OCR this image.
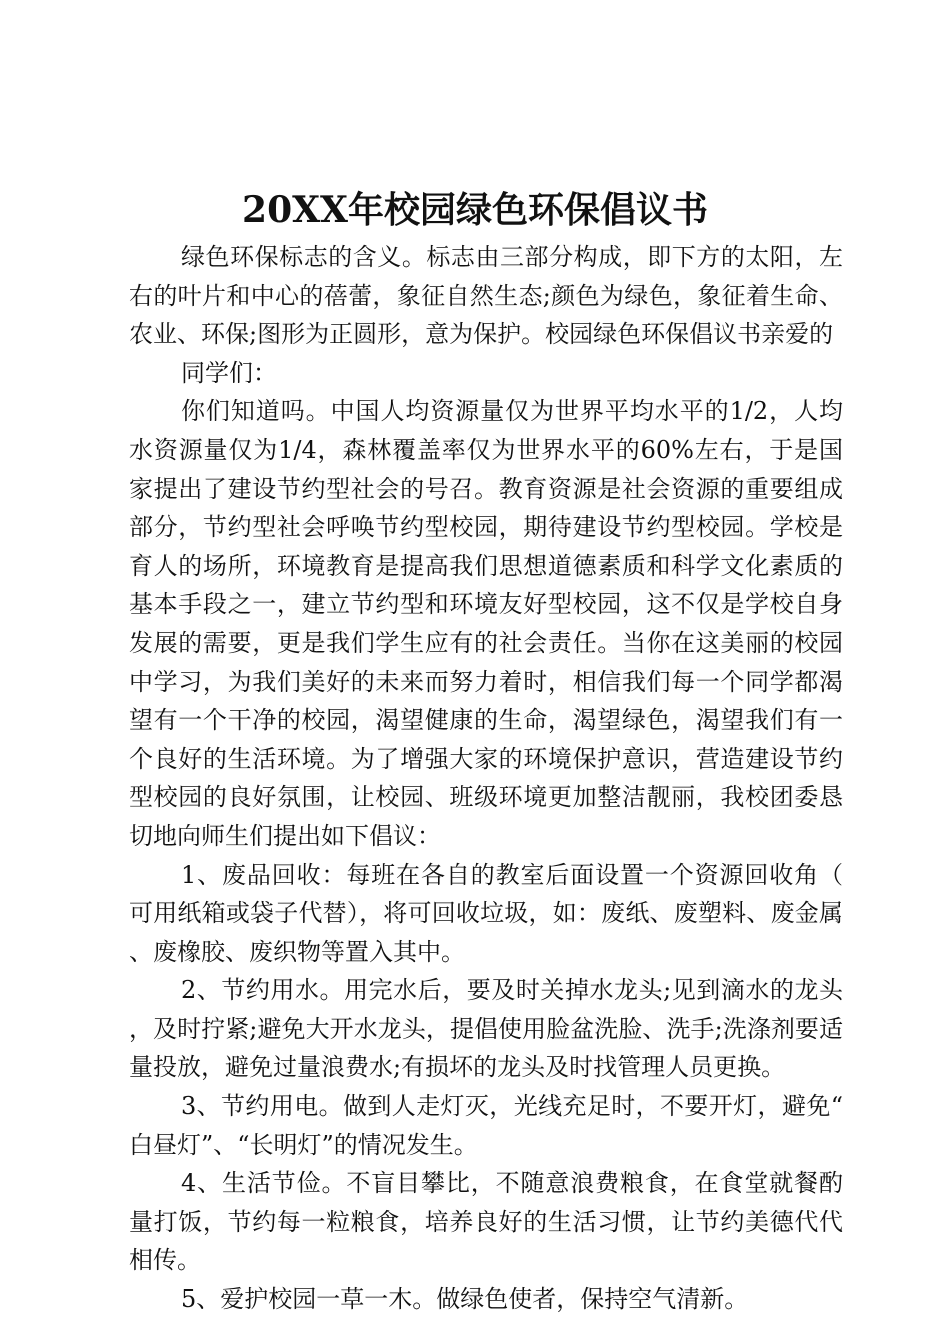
20XX年校园绿色环保倡议书

绿色环保标志的含义。标志由三部分构成，即下方的太阳，左右的叶片和中心的蓓蕾，象征自然生态;颜色为绿色，象征着生命、农业、环保;图形为正圆形，意为保护。校园绿色环保倡议书亲爱的

同学们：

你们知道吗。中国人均资源量仅为世界平均水平的1/2，人均水资源量仅为1/4，森林覆盖率仅为世界水平的60%左右，于是国家提出了建设节约型社会的号召。教育资源是社会资源的重要组成部分，节约型社会呼唤节约型校园，期待建设节约型校园。学校是育人的场所，环境教育是提高我们思想道德素质和科学文化素质的基本手段之一，建立节约型和环境友好型校园，这不仅是学校自身发展的需要，更是我们学生应有的社会责任。当你在这美丽的校园中学习，为我们美好的未来而努力着时，相信我们每一个同学都渴望有一个干净的校园，渴望健康的生命，渴望绿色，渴望我们有一个良好的生活环境。为了增强大家的环境保护意识，营造建设节约型校园的良好氛围，让校园、班级环境更加整洁靓丽，我校团委恳切地向师生们提出如下倡议：

1、废品回收：每班在各自的教室后面设置一个资源回收角（可用纸箱或袋子代替），将可回收垃圾，如：废纸、废塑料、废金属、废橡胶、废织物等置入其中。

2、节约用水。用完水后，要及时关掉水龙头;见到滴水的龙头，及时拧紧;避免大开水龙头，提倡使用脸盆洗脸、洗手;洗涤剂要适量投放，避免过量浪费水;有损坏的龙头及时找管理人员更换。

3、节约用电。做到人走灯灭，光线充足时，不要开灯，避免“白昼灯”、“长明灯”的情况发生。

4、生活节俭。不盲目攀比，不随意浪费粮食，在食堂就餐酌量打饭，节约每一粒粮食，培养良好的生活习惯，让节约美德代代相传。

5、爱护校园一草一木。做绿色使者，保持空气清新。
